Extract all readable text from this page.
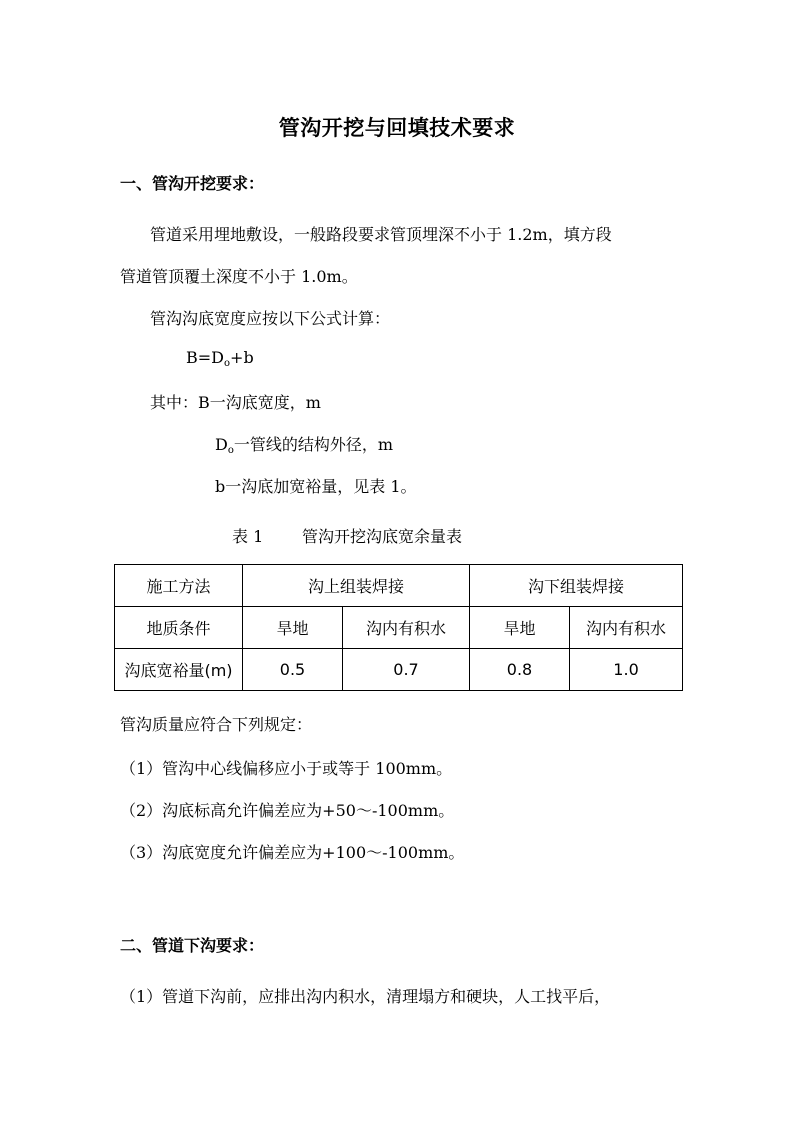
管沟开挖与回填技术要求
一、管沟开挖要求：
管道采用埋地敷设，一般路段要求管顶埋深不小于 1.2m，填方段
管道管顶覆土深度不小于 1.0m。
管沟沟底宽度应按以下公式计算：
$B=D_o+b$
其中：B一沟底宽度，m
$D_o$一管线的结构外径，m
b一沟底加宽裕量，见表 1。
表 1 管沟开挖沟底宽余量表
施工方法	沟上组装焊接		沟下组装焊接	
地质条件	旱地	沟内有积水	旱地	沟内有积水
沟底宽裕量(m)	0.5	0.7	0.8	1.0
管沟质量应符合下列规定：
（1）管沟中心线偏移应小于或等于 100mm。
（2）沟底标高允许偏差应为+50～-100mm。
（3）沟底宽度允许偏差应为+100～-100mm。
二、管道下沟要求：
（1）管道下沟前，应排出沟内积水，清理塌方和硬块，人工找平后，
